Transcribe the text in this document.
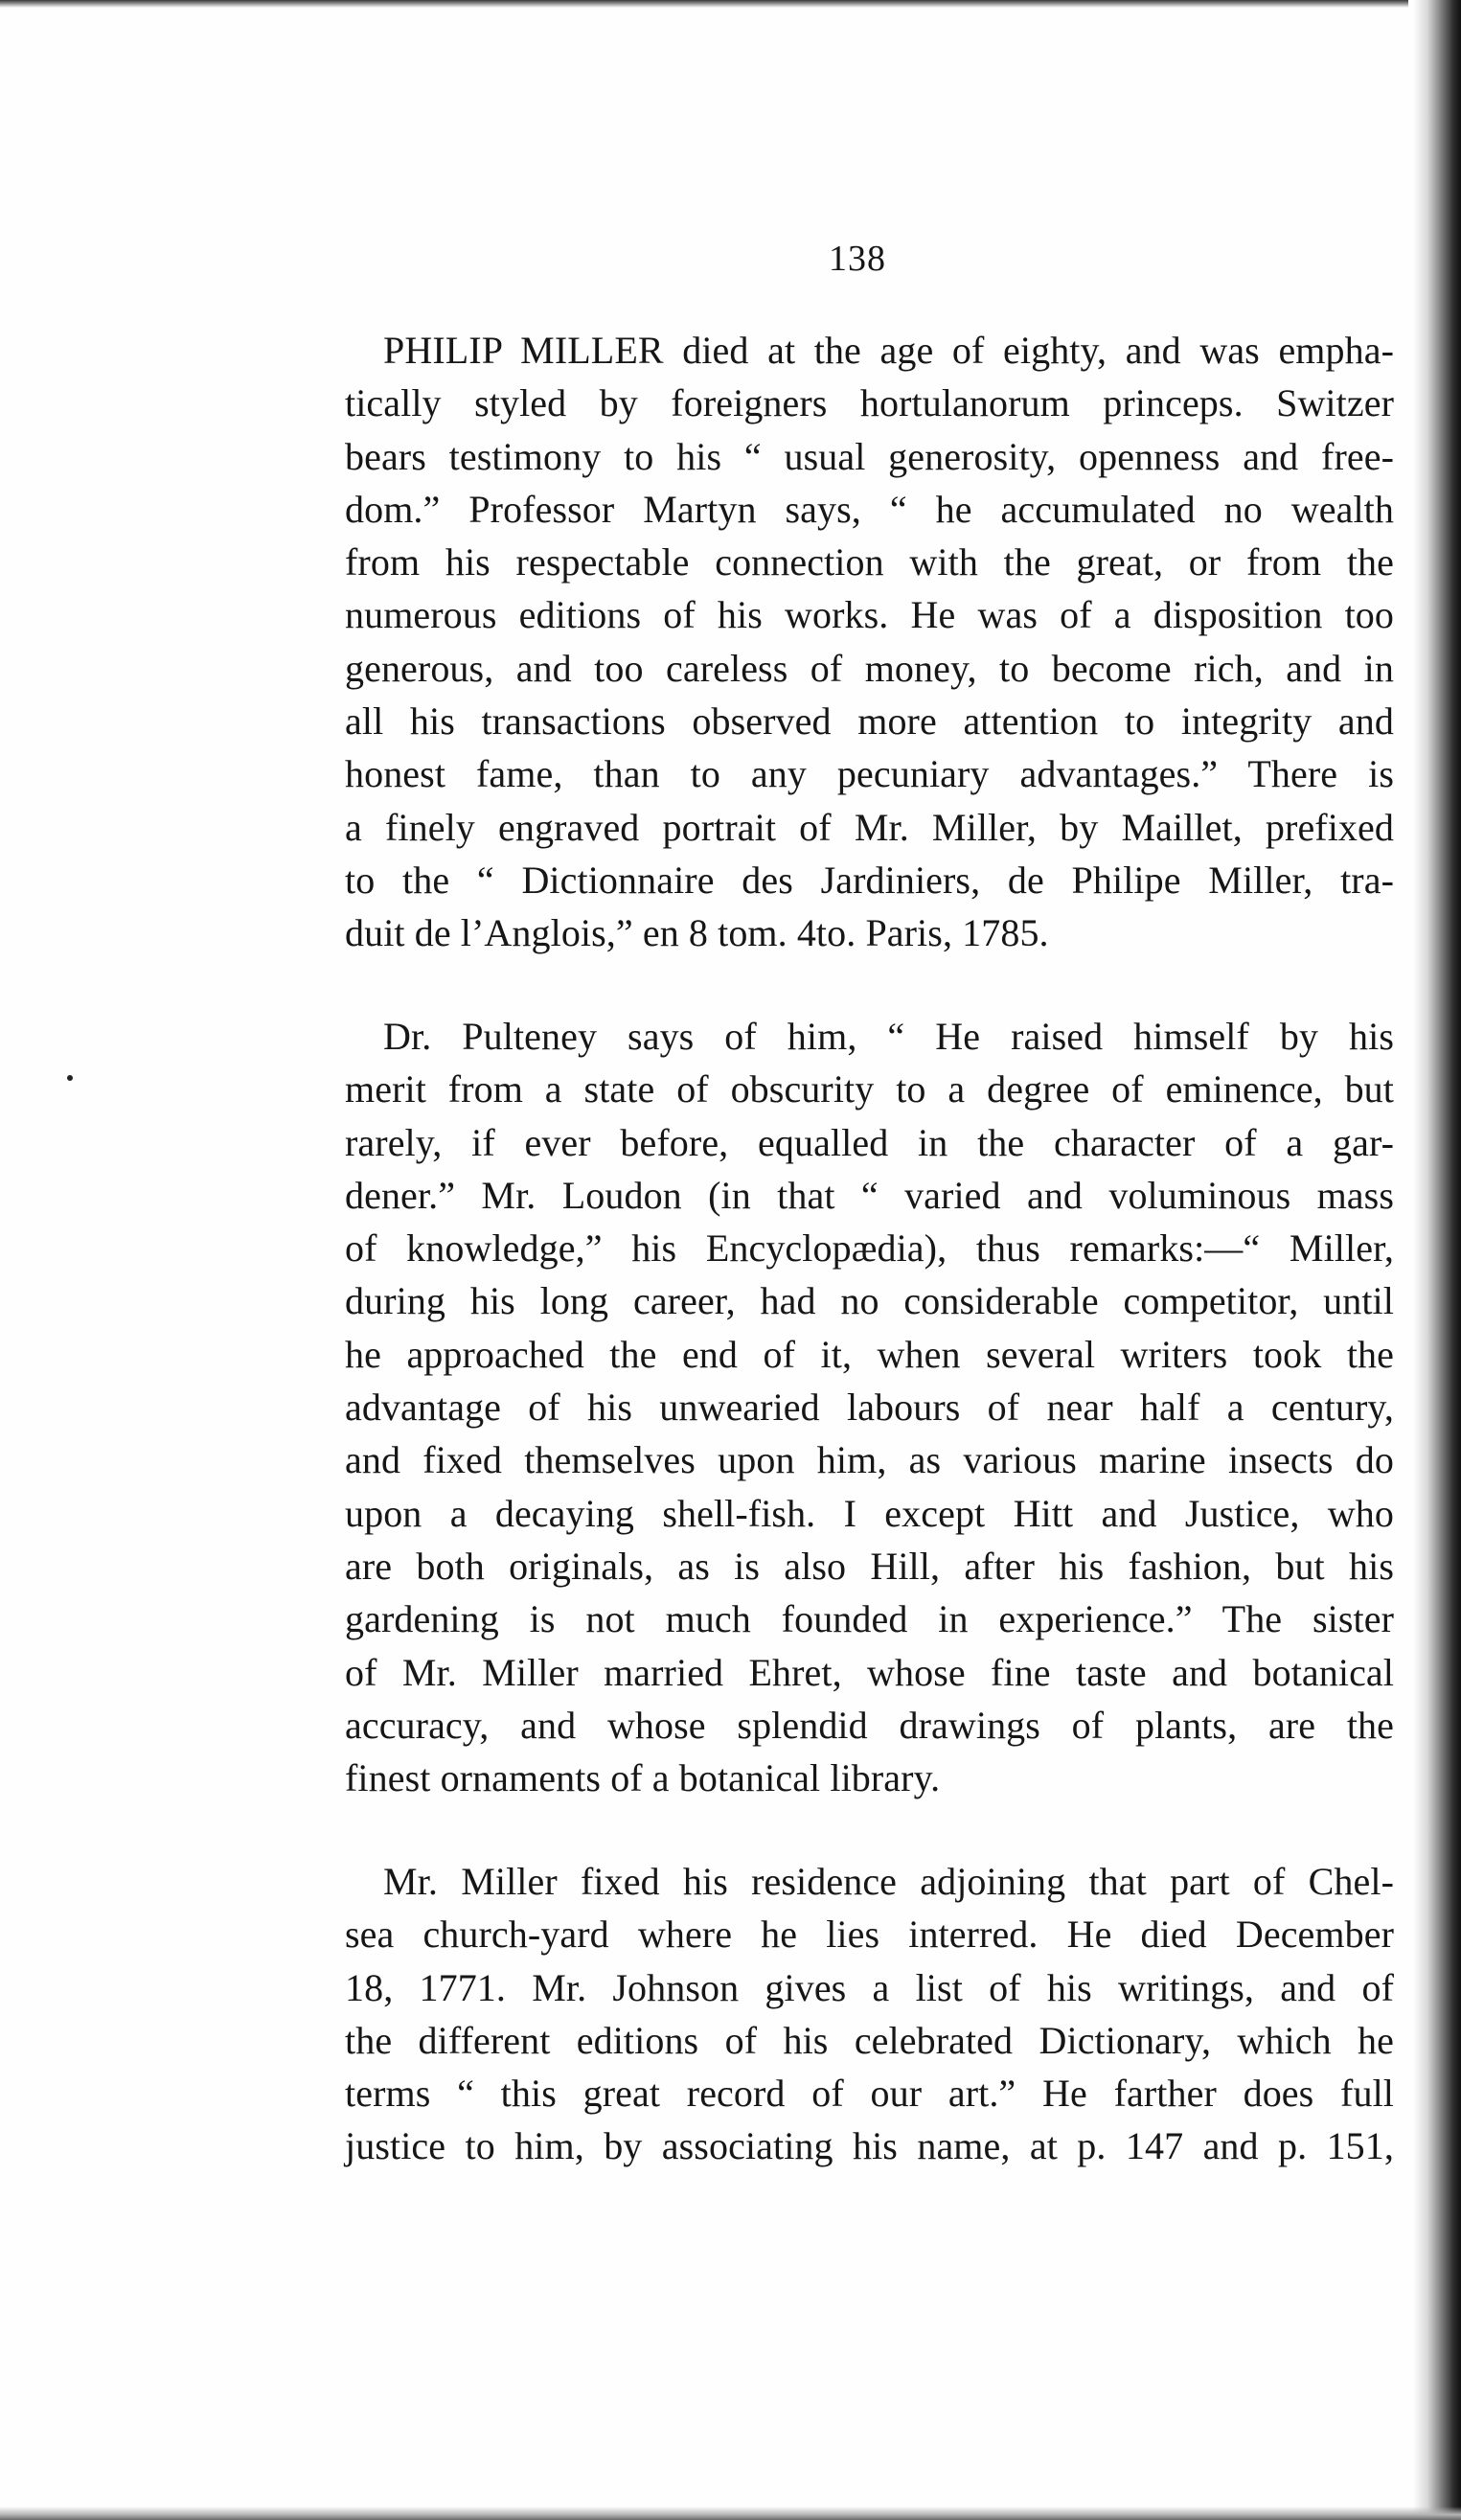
138
PHILIP MILLER died at the age of eighty, and was empha-
tically styled by foreigners hortulanorum princeps. Switzer
bears testimony to his “ usual generosity, openness and free-
dom.” Professor Martyn says, “ he accumulated no wealth
from his respectable connection with the great, or from the
numerous editions of his works. He was of a disposition too
generous, and too careless of money, to become rich, and in
all his transactions observed more attention to integrity and
honest fame, than to any pecuniary advantages.” There is
a finely engraved portrait of Mr. Miller, by Maillet, prefixed
to the “ Dictionnaire des Jardiniers, de Philipe Miller, tra-
duit de l’Anglois,” en 8 tom. 4to. Paris, 1785.
Dr. Pulteney says of him, “ He raised himself by his
merit from a state of obscurity to a degree of eminence, but
rarely, if ever before, equalled in the character of a gar-
dener.” Mr. Loudon (in that “ varied and voluminous mass
of knowledge,” his Encyclopædia), thus remarks:—“ Miller,
during his long career, had no considerable competitor, until
he approached the end of it, when several writers took the
advantage of his unwearied labours of near half a century,
and fixed themselves upon him, as various marine insects do
upon a decaying shell-fish. I except Hitt and Justice, who
are both originals, as is also Hill, after his fashion, but his
gardening is not much founded in experience.” The sister
of Mr. Miller married Ehret, whose fine taste and botanical
accuracy, and whose splendid drawings of plants, are the
finest ornaments of a botanical library.
Mr. Miller fixed his residence adjoining that part of Chel-
sea church-yard where he lies interred. He died December
18, 1771. Mr. Johnson gives a list of his writings, and of
the different editions of his celebrated Dictionary, which he
terms “ this great record of our art.” He farther does full
justice to him, by associating his name, at p. 147 and p. 151,
